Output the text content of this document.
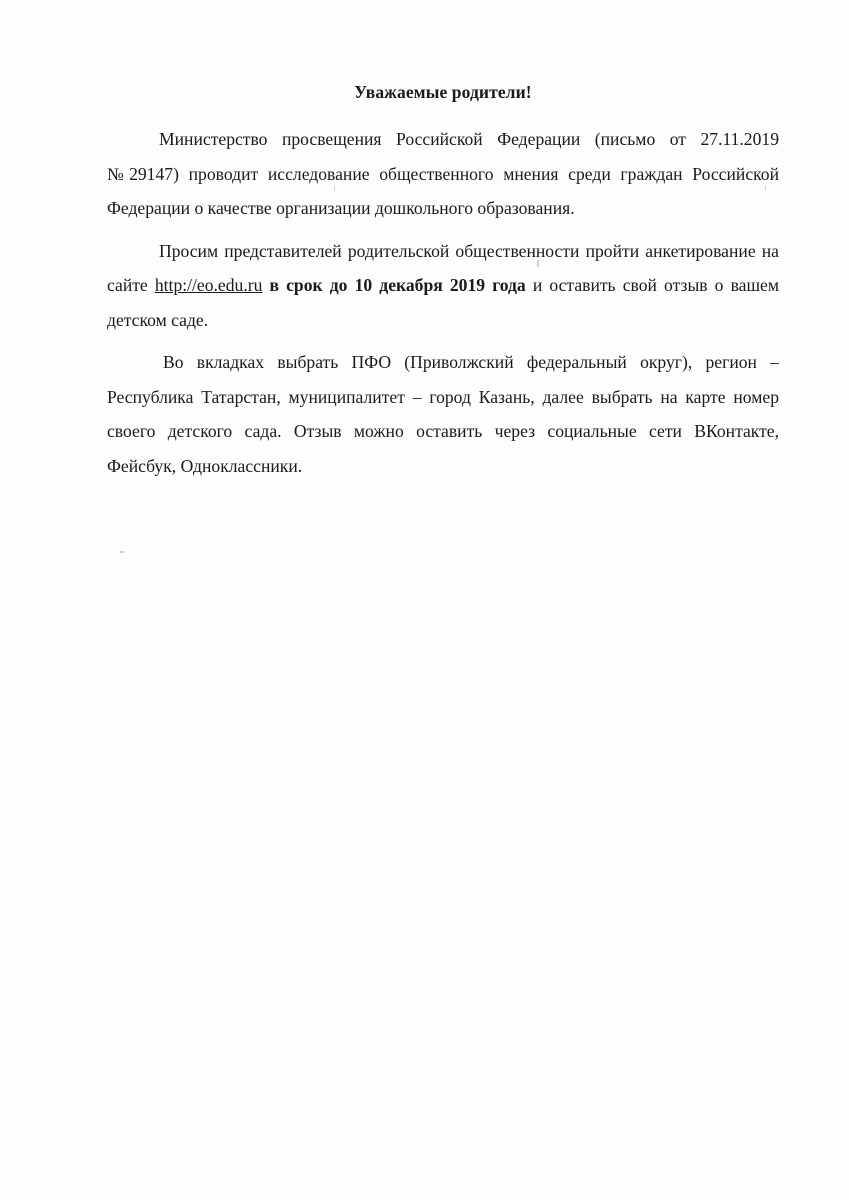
Уважаемые родители!

Министерство просвещения Российской Федерации (письмо от 27.11.2019 №29147) проводит исследование общественного мнения среди граждан Российской Федерации о качестве организации дошкольного образования.

Просим представителей родительской общественности пройти анкетирование на сайте http://eo.edu.ru в срок до 10 декабря 2019 года и оставить свой отзыв о вашем детском саде.

Во вкладках выбрать ПФО (Приволжский федеральный округ), регион – Республика Татарстан, муниципалитет – город Казань, далее выбрать на карте номер своего детского сада. Отзыв можно оставить через социальные сети ВКонтакте, Фейсбук, Одноклассники.
